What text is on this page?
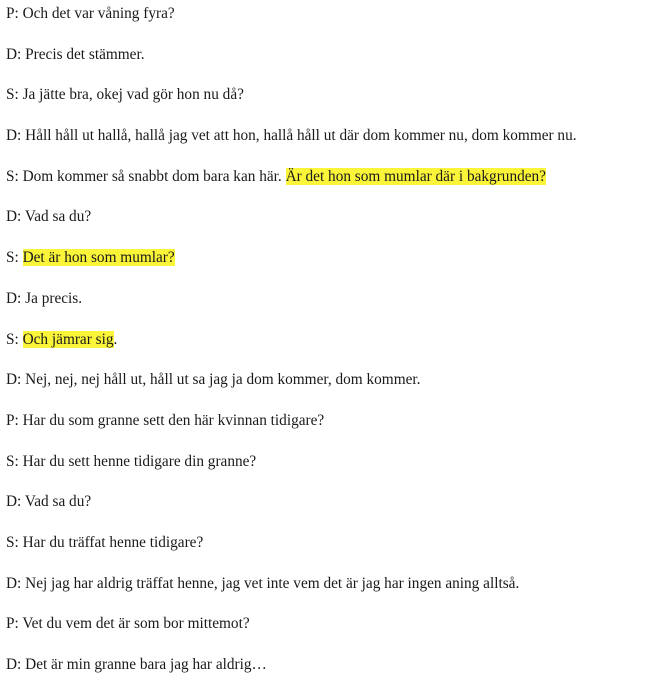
P: Och det var våning fyra?
D: Precis det stämmer.
S: Ja jätte bra, okej vad gör hon nu då?
D: Håll håll ut hallå, hallå jag vet att hon, hallå håll ut där dom kommer nu, dom kommer nu.
S: Dom kommer så snabbt dom bara kan här. Är det hon som mumlar där i bakgrunden?
D: Vad sa du?
S: Det är hon som mumlar?
D: Ja precis.
S: Och jämrar sig.
D: Nej, nej, nej håll ut, håll ut sa jag ja dom kommer, dom kommer.
P: Har du som granne sett den här kvinnan tidigare?
S: Har du sett henne tidigare din granne?
D: Vad sa du?
S: Har du träffat henne tidigare?
D: Nej jag har aldrig träffat henne, jag vet inte vem det är jag har ingen aning alltså.
P: Vet du vem det är som bor mittemot?
D: Det är min granne bara jag har aldrig…
